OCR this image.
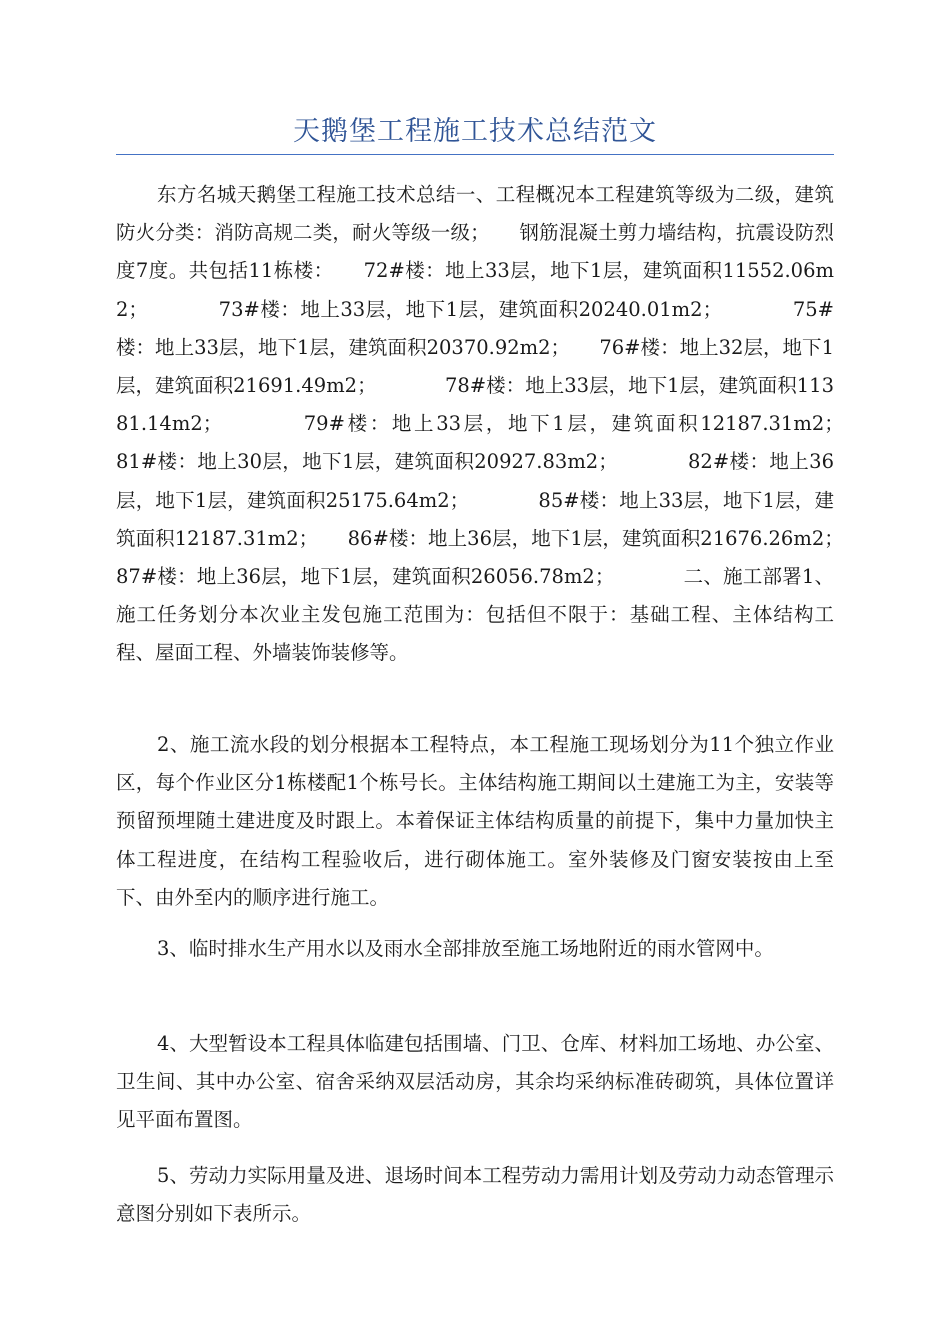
天鹅堡工程施工技术总结范文

东方名城天鹅堡工程施工技术总结一、工程概况本工程建筑等级为二级，建筑防火分类：消防高规二类，耐火等级一级；　　钢筋混凝土剪力墙结构，抗震设防烈度7度。共包括11栋楼：　　72#楼：地上33层，地下1层，建筑面积11552.06m2；　　　　73#楼：地上33层，地下1层，建筑面积20240.01m2；　　　　75#楼：地上33层，地下1层，建筑面积20370.92m2；　　76#楼：地上32层，地下1层，建筑面积21691.49m2；　　　　78#楼：地上33层，地下1层，建筑面积11381.14m2；　　　　79#楼：地上33层，地下1层，建筑面积12187.31m2；　　　　81#楼：地上30层，地下1层，建筑面积20927.83m2；　　　　82#楼：地上36层，地下1层，建筑面积25175.64m2；　　　　85#楼：地上33层，地下1层，建筑面积12187.31m2；　　86#楼：地上36层，地下1层，建筑面积21676.26m2；　　　　87#楼：地上36层，地下1层，建筑面积26056.78m2；　　　　二、施工部署1、施工任务划分本次业主发包施工范围为：包括但不限于：基础工程、主体结构工程、屋面工程、外墙装饰装修等。

2、施工流水段的划分根据本工程特点，本工程施工现场划分为11个独立作业区，每个作业区分1栋楼配1个栋号长。主体结构施工期间以土建施工为主，安装等预留预埋随土建进度及时跟上。本着保证主体结构质量的前提下，集中力量加快主体工程进度，在结构工程验收后，进行砌体施工。室外装修及门窗安装按由上至下、由外至内的顺序进行施工。

3、临时排水生产用水以及雨水全部排放至施工场地附近的雨水管网中。

4、大型暂设本工程具体临建包括围墙、门卫、仓库、材料加工场地、办公室、卫生间、其中办公室、宿舍采纳双层活动房，其余均采纳标准砖砌筑，具体位置详见平面布置图。

5、劳动力实际用量及进、退场时间本工程劳动力需用计划及劳动力动态管理示意图分别如下表所示。
